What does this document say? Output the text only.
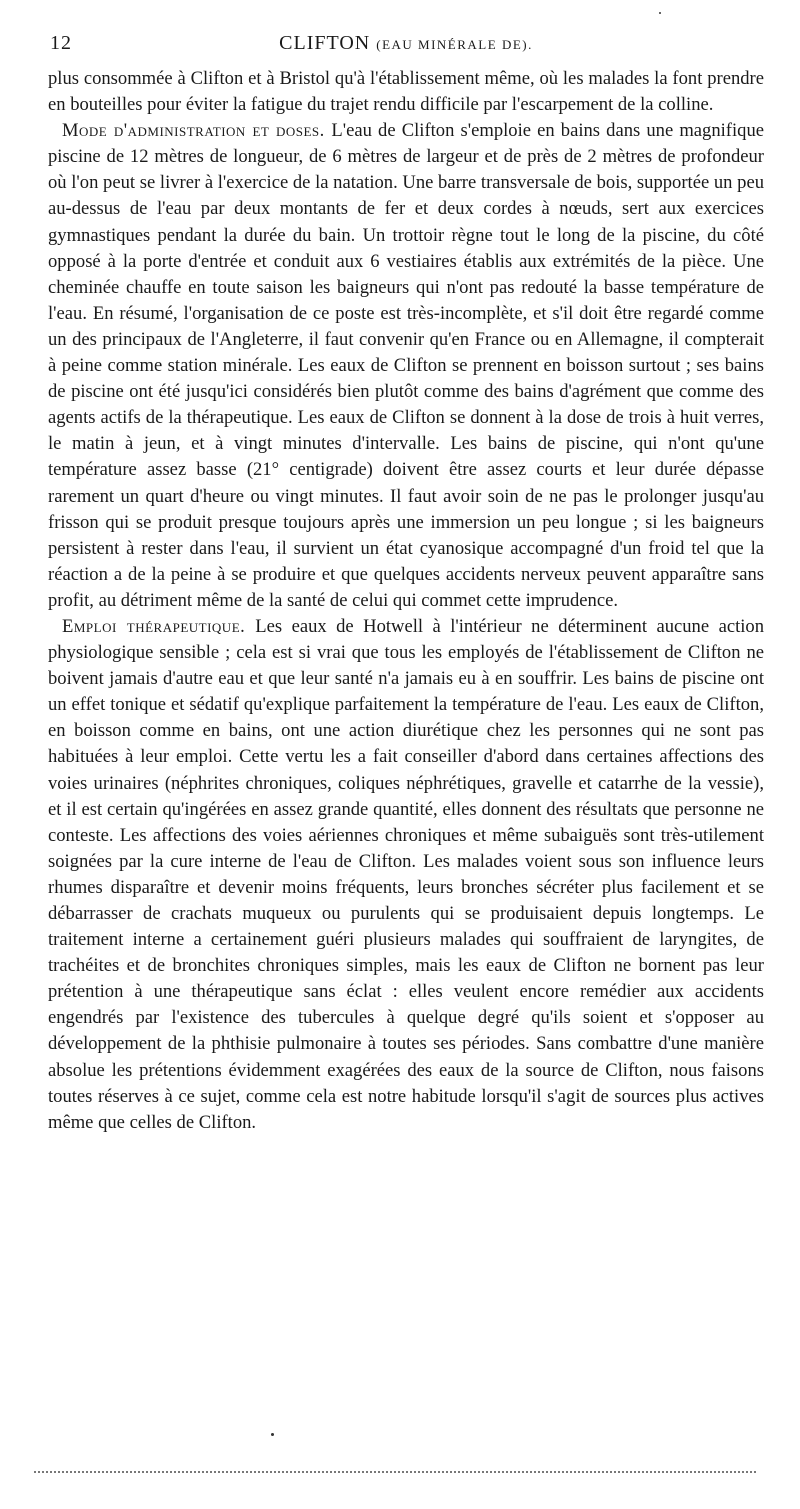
12	CLIFTON (EAU MINÉRALE DE).

plus consommée à Clifton et à Bristol qu'à l'établissement même, où les malades la font prendre en bouteilles pour éviter la fatigue du trajet rendu difficile par l'escarpement de la colline.

Mode d'administration et doses. L'eau de Clifton s'emploie en bains dans une magnifique piscine de 12 mètres de longueur, de 6 mètres de largeur et de près de 2 mètres de profondeur où l'on peut se livrer à l'exercice de la natation. Une barre transversale de bois, supportée un peu au-dessus de l'eau par deux montants de fer et deux cordes à nœuds, sert aux exercices gymnastiques pendant la durée du bain. Un trottoir règne tout le long de la piscine, du côté opposé à la porte d'entrée et conduit aux 6 vestiaires établis aux extrémités de la pièce. Une cheminée chauffe en toute saison les baigneurs qui n'ont pas redouté la basse température de l'eau. En résumé, l'organisation de ce poste est très-incomplète, et s'il doit être regardé comme un des principaux de l'Angleterre, il faut convenir qu'en France ou en Allemagne, il compterait à peine comme station minérale. Les eaux de Clifton se prennent en boisson surtout ; ses bains de piscine ont été jusqu'ici considérés bien plutôt comme des bains d'agrément que comme des agents actifs de la thérapeutique. Les eaux de Clifton se donnent à la dose de trois à huit verres, le matin à jeun, et à vingt minutes d'intervalle. Les bains de piscine, qui n'ont qu'une température assez basse (21° centigrade) doivent être assez courts et leur durée dépasse rarement un quart d'heure ou vingt minutes. Il faut avoir soin de ne pas le prolonger jusqu'au frisson qui se produit presque toujours après une immersion un peu longue ; si les baigneurs persistent à rester dans l'eau, il survient un état cyanosique accompagné d'un froid tel que la réaction a de la peine à se produire et que quelques accidents nerveux peuvent apparaître sans profit, au détriment même de la santé de celui qui commet cette imprudence.

Emploi thérapeutique. Les eaux de Hotwell à l'intérieur ne déterminent aucune action physiologique sensible ; cela est si vrai que tous les employés de l'établissement de Clifton ne boivent jamais d'autre eau et que leur santé n'a jamais eu à en souffrir. Les bains de piscine ont un effet tonique et sédatif qu'explique parfaitement la température de l'eau. Les eaux de Clifton, en boisson comme en bains, ont une action diurétique chez les personnes qui ne sont pas habituées à leur emploi. Cette vertu les a fait conseiller d'abord dans certaines affections des voies urinaires (néphrites chroniques, coliques néphrétiques, gravelle et catarrhe de la vessie), et il est certain qu'ingérées en assez grande quantité, elles donnent des résultats que personne ne conteste. Les affections des voies aériennes chroniques et même subaiguës sont très-utilement soignées par la cure interne de l'eau de Clifton. Les malades voient sous son influence leurs rhumes disparaître et devenir moins fréquents, leurs bronches sécréter plus facilement et se débarrasser de crachats muqueux ou purulents qui se produisaient depuis longtemps. Le traitement interne a certainement guéri plusieurs malades qui souffraient de laryngites, de trachéites et de bronchites chroniques simples, mais les eaux de Clifton ne bornent pas leur prétention à une thérapeutique sans éclat : elles veulent encore remédier aux accidents engendrés par l'existence des tubercules à quelque degré qu'ils soient et s'opposer au développement de la phthisie pulmonaire à toutes ses périodes. Sans combattre d'une manière absolue les prétentions évidemment exagérées des eaux de la source de Clifton, nous faisons toutes réserves à ce sujet, comme cela est notre habitude lorsqu'il s'agit de sources plus actives même que celles de Clifton.
